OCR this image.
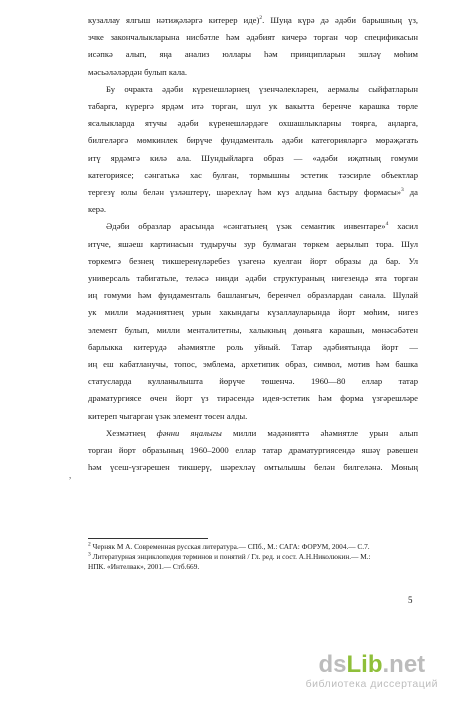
кузаллау ялгыш нәтиҗәләргә китерер иде)$^2$. Шуңа күрә дә әдәби барышның үз,
эчке закончалыкларына нисбәтле һәм әдәбият кичерә торган чор спецификасын
исәпкә алып, яңа анализ юллары һәм принципларын эшләү мөһим
мәсьәләләрдән булып кала.
Бу очракта әдәби күренешләрнең үзенчәлекләрен, аермалы сыйфатларын
табарга, күрергә ярдәм итә торган, шул ук вакытта беренче карашка төрле
ясалыкларда ятучы әдәби күренешләрдәге охшашлыкларны тоярга, аңларга,
билгеләргә мөмкинлек бирүче фундаменталь әдәби категорияләргә мөрәҗәгать
итү ярдәмгә килә ала. Шундыйларга образ — «әдәби иҗатның гомуми
категориясе; сәнгатькә хас булган, тормышны эстетик тәэсирле объектлар
тергезү юлы белән үзләштерү, шәрехләү һәм күз алдына бастыру формасы»$^3$ да
керә.
Әдәби образлар арасында «сәнгатьнең үзәк семантик инвентаре»$^4$ хасил
итүче, яшәеш картинасын тудыручы зур булмаган төркем аерылып тора. Шул
төркемгә безнең тикшеренүләребез үзәгенә куелган йорт образы да бар. Ул
универсаль табигатьле, теләсә нинди әдәби структураның нигезендә ята торган
иң гомуми һәм фундаменталь башлангыч, беренчел образлардан санала. Шулай
ук милли мәдәниятнең урын хакындагы күзаллауларында йорт мөһим, нигез
элемент булып, милли менталитетны, халыкның дөньяга карашын, мөнәсәбәтен
барлыкка китерүдә әһәмиятле роль уйный. Татар әдәбиятында йорт —
иң еш кабатланучы, топос, эмблема, архетипик образ, символ, мотив һәм башка
статусларда кулланылышта йөрүче төшенчә. 1960—80 еллар татар
драматургиясе өчен йорт үз тирәсендә идея-эстетик һәм форма үзгәрешләре
китереп чыгарган үзәк элемент төсен алды.
Хезмәтнең фәнни яңалыгы милли мәдәнияттә әһәмиятле урын алып
торган йорт образының 1960–2000 еллар татар драматургиясендә яшәү рәвешен
һәм үсеш-үзгәрешен тикшерү, шәрехләү омтылышы белән билгеләнә. Мөның
,
$^2$ Черняк М А. Современная русская литература.— СПб., М.: САГА: ФОРУМ, 2004.— С.7.
$^3$ Литературная энциклопедия терминов и понятий / Гл. ред. и сост. А.Н.Николюкин.— М.:
НПК. «Интелвак», 2001.— Стб.669.
5
dsLib.net
библиотека диссертаций
